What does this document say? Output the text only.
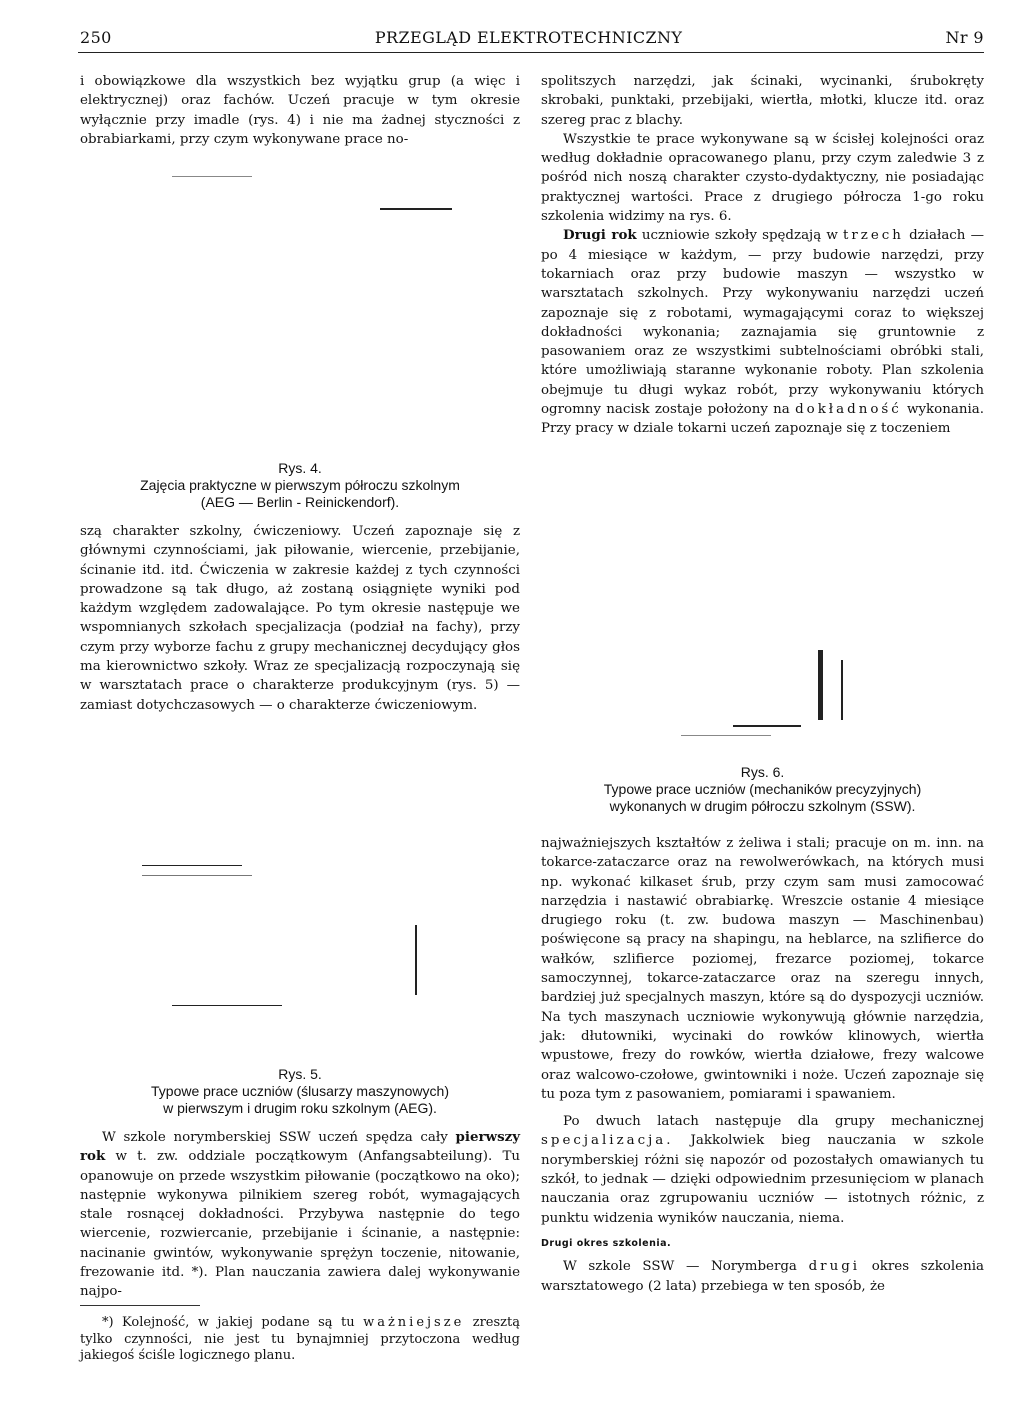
250	PRZEGLĄD ELEKTROTECHNICZNY	Nr 9

i obowiązkowe dla wszystkich bez wyjątku grup (a więc i elektrycznej) oraz fachów. Uczeń pracuje w tym okresie wyłącznie przy imadle (rys. 4) i nie ma żadnej styczności z obrabiarkami, przy czym wykonywane prace no-

Rys. 4.
Zajęcia praktyczne w pierwszym półroczu szkolnym
(AEG — Berlin - Reinickendorf).

szą charakter szkolny, ćwiczeniowy. Uczeń zapoznaje się z głównymi czynnościami, jak piłowanie, wiercenie, przebijanie, ścinanie itd. itd. Ćwiczenia w zakresie każdej z tych czynności prowadzone są tak długo, aż zostaną osiągnięte wyniki pod każdym względem zadowalające. Po tym okresie następuje we wspomnianych szkołach specjalizacja (podział na fachy), przy czym przy wyborze fachu z grupy mechanicznej decydujący głos ma kierownictwo szkoły. Wraz ze specjalizacją rozpoczynają się w warsztatach prace o charakterze produkcyjnym (rys. 5) — zamiast dotychczasowych — o charakterze ćwiczeniowym.

Rys. 5.
Typowe prace uczniów (ślusarzy maszynowych)
w pierwszym i drugim roku szkolnym (AEG).

W szkole norymberskiej SSW uczeń spędza cały pierwszy rok w t. zw. oddziale początkowym (Anfangsabteilung). Tu opanowuje on przede wszystkim piłowanie (początkowo na oko); następnie wykonywa pilnikiem szereg robót, wymagających stale rosnącej dokładności. Przybywa następnie do tego wiercenie, rozwiercanie, przebijanie i ścinanie, a następnie: nacinanie gwintów, wykonywanie sprężyn toczenie, nitowanie, frezowanie itd. *). Plan nauczania zawiera dalej wykonywanie najpo-

*) Kolejność, w jakiej podane są tu ważniejsze zresztą tylko czynności, nie jest tu bynajmniej przytoczona według jakiegoś ściśle logicznego planu.

spolitszych narzędzi, jak ścinaki, wycinanki, śrubokręty skrobaki, punktaki, przebijaki, wiertła, młotki, klucze itd. oraz szereg prac z blachy.

Wszystkie te prace wykonywane są w ścisłej kolejności oraz według dokładnie opracowanego planu, przy czym zaledwie 3 z pośród nich noszą charakter czysto-dydaktyczny, nie posiadając praktycznej wartości. Prace z drugiego półrocza 1-go roku szkolenia widzimy na rys. 6.

Drugi rok uczniowie szkoły spędzają w trzech działach — po 4 miesiące w każdym, — przy budowie narzędzi, przy tokarniach oraz przy budowie maszyn — wszystko w warsztatach szkolnych. Przy wykonywaniu narzędzi uczeń zapoznaje się z robotami, wymagającymi coraz to większej dokładności wykonania; zaznajamia się gruntownie z pasowaniem oraz ze wszystkimi subtelnościami obróbki stali, które umożliwiają staranne wykonanie roboty. Plan szkolenia obejmuje tu długi wykaz robót, przy wykonywaniu których ogromny nacisk zostaje położony na dokładność wykonania. Przy pracy w dziale tokarni uczeń zapoznaje się z toczeniem

Rys. 6.
Typowe prace uczniów (mechaników precyzyjnych)
wykonanych w drugim półroczu szkolnym (SSW).

najważniejszych kształtów z żeliwa i stali; pracuje on m. inn. na tokarce-zataczarce oraz na rewolwerówkach, na których musi np. wykonać kilkaset śrub, przy czym sam musi zamocować narzędzia i nastawić obrabiarkę. Wreszcie ostanie 4 miesiące drugiego roku (t. zw. budowa maszyn — Maschinenbau) poświęcone są pracy na shapingu, na heblarce, na szlifierce do wałków, szlifierce poziomej, frezarce poziomej, tokarce samoczynnej, tokarce-zataczarce oraz na szeregu innych, bardziej już specjalnych maszyn, które są do dyspozycji uczniów. Na tych maszynach uczniowie wykonywują głównie narzędzia, jak: dłutowniki, wycinaki do rowków klinowych, wiertła wpustowe, frezy do rowków, wiertła działowe, frezy walcowe oraz walcowo-czołowe, gwintowniki i noże. Uczeń zapoznaje się tu poza tym z pasowaniem, pomiarami i spawaniem.

Po dwuch latach następuje dla grupy mechanicznej specjalizacja. Jakkolwiek bieg nauczania w szkole norymberskiej różni się napozór od pozostałych omawianych tu szkół, to jednak — dzięki odpowiednim przesunięciom w planach nauczania oraz zgrupowaniu uczniów — istotnych różnic, z punktu widzenia wyników nauczania, niema.

Drugi okres szkolenia.

W szkole SSW — Norymberga drugi okres szkolenia warsztatowego (2 lata) przebiega w ten sposób, że
